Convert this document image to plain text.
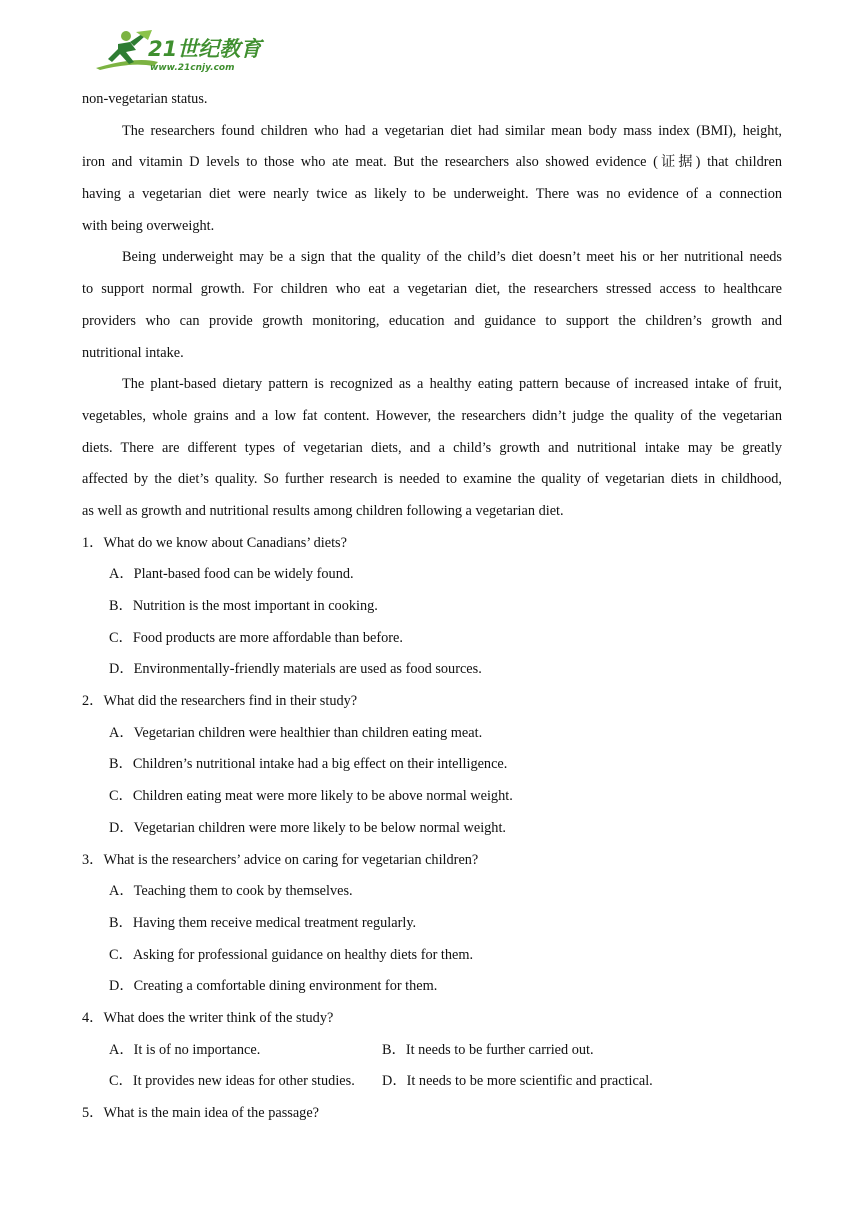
21世纪教育
www.21cnjy.com
non-vegetarian status.
The researchers found children who had a vegetarian diet had similar mean body mass index (BMI), height,
iron and vitamin D levels to those who ate meat. But the researchers also showed evidence (证据) that children
having a vegetarian diet were nearly twice as likely to be underweight. There was no evidence of a connection
with being overweight.
Being underweight may be a sign that the quality of the child’s diet doesn’t meet his or her nutritional needs
to support normal growth. For children who eat a vegetarian diet, the researchers stressed access to healthcare
providers who can provide growth monitoring, education and guidance to support the children’s growth and
nutritional intake.
The plant-based dietary pattern is recognized as a healthy eating pattern because of increased intake of fruit,
vegetables, whole grains and a low fat content. However, the researchers didn’t judge the quality of the vegetarian
diets. There are different types of vegetarian diets, and a child’s growth and nutritional intake may be greatly
affected by the diet’s quality. So further research is needed to examine the quality of vegetarian diets in childhood,
as well as growth and nutritional results among children following a vegetarian diet.
1．What do we know about Canadians’ diets?
A．Plant-based food can be widely found.
B．Nutrition is the most important in cooking.
C．Food products are more affordable than before.
D．Environmentally-friendly materials are used as food sources.
2．What did the researchers find in their study?
A．Vegetarian children were healthier than children eating meat.
B．Children’s nutritional intake had a big effect on their intelligence.
C．Children eating meat were more likely to be above normal weight.
D．Vegetarian children were more likely to be below normal weight.
3．What is the researchers’ advice on caring for vegetarian children?
A．Teaching them to cook by themselves.
B．Having them receive medical treatment regularly.
C．Asking for professional guidance on healthy diets for them.
D．Creating a comfortable dining environment for them.
4．What does the writer think of the study?
A．It is of no importance.	B．It needs to be further carried out.
C．It provides new ideas for other studies.	D．It needs to be more scientific and practical.
5．What is the main idea of the passage?
